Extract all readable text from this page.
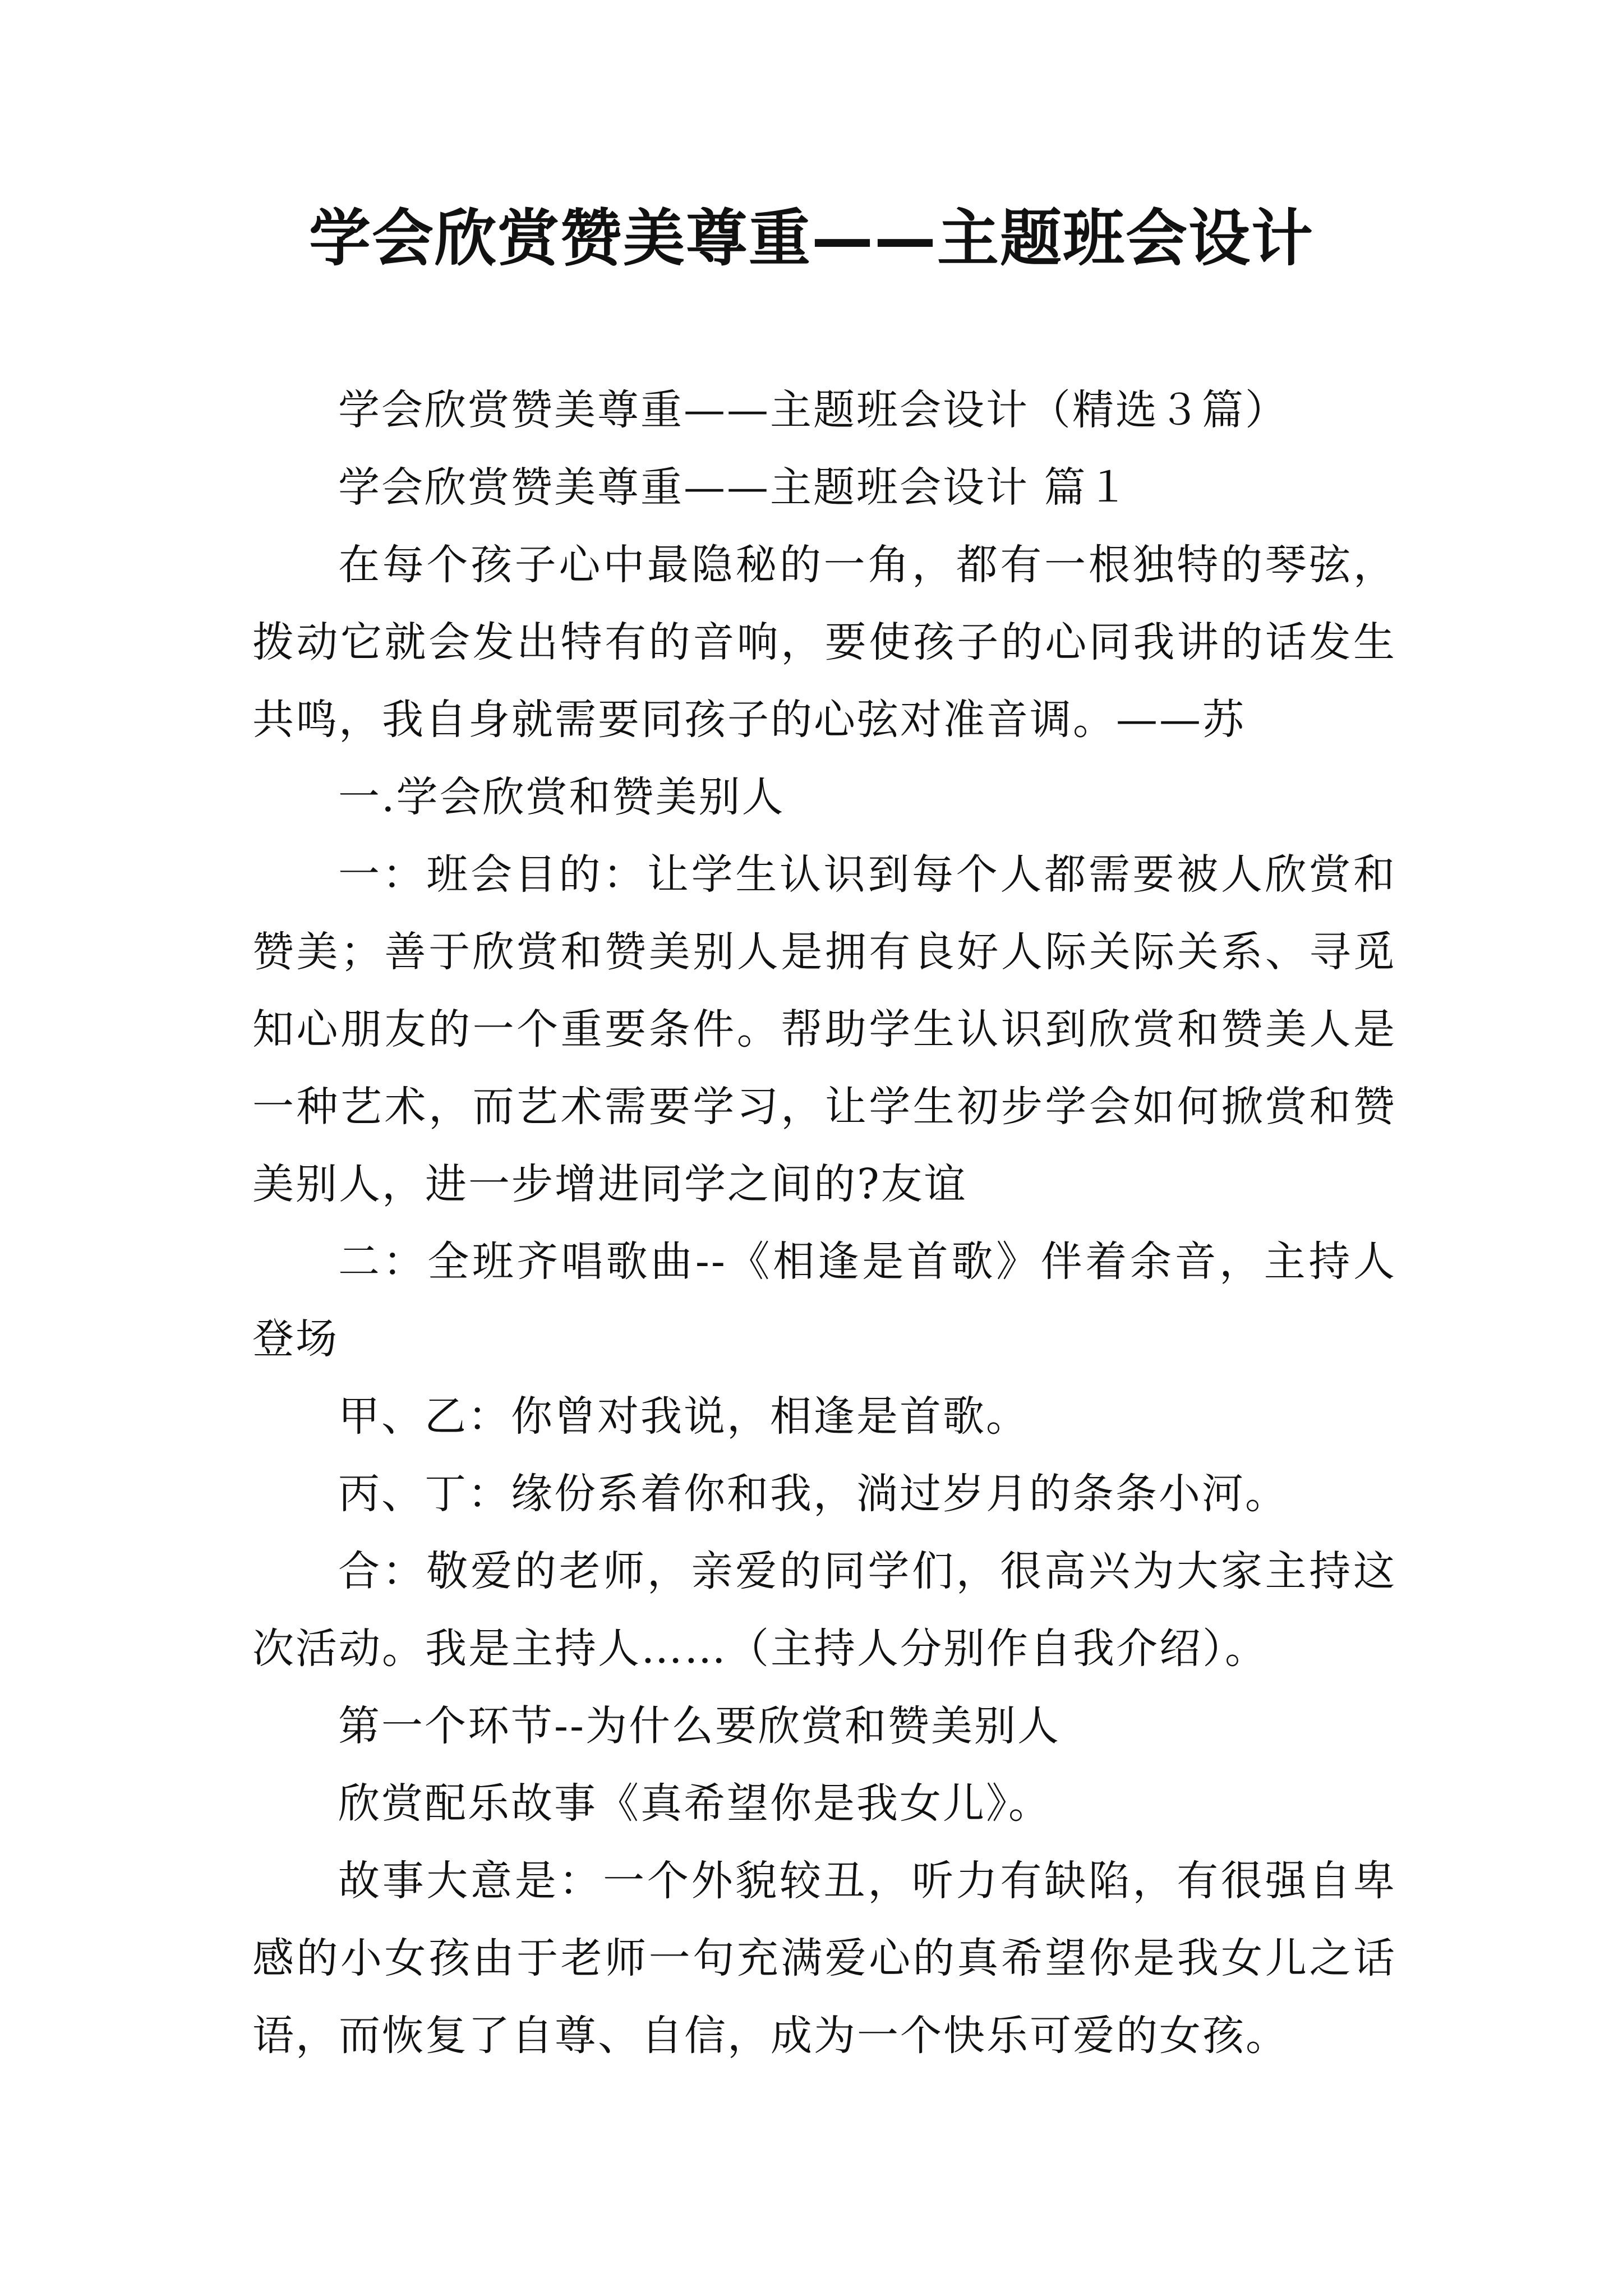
学会欣赏赞美尊重——主题班会设计

学会欣赏赞美尊重——主题班会设计（精选３篇）

学会欣赏赞美尊重——主题班会设计 篇１

在每个孩子心中最隐秘的一角，都有一根独特的琴弦，拨动它就会发出特有的音响，要使孩子的心同我讲的话发生共鸣，我自身就需要同孩子的心弦对准音调。——苏

一.学会欣赏和赞美别人

一：班会目的：让学生认识到每个人都需要被人欣赏和赞美；善于欣赏和赞美别人是拥有良好人际关际关系、寻觅知心朋友的一个重要条件。帮助学生认识到欣赏和赞美人是一种艺术，而艺术需要学习，让学生初步学会如何掀赏和赞美别人，进一步增进同学之间的?友谊

二：全班齐唱歌曲--《相逢是首歌》伴着余音，主持人登场

甲、乙：你曾对我说，相逢是首歌。

丙、丁：缘份系着你和我，淌过岁月的条条小河。

合：敬爱的老师，亲爱的同学们，很高兴为大家主持这次活动。我是主持人……（主持人分别作自我介绍）。

第一个环节--为什么要欣赏和赞美别人

欣赏配乐故事《真希望你是我女儿》。

故事大意是：一个外貌较丑，听力有缺陷，有很强自卑感的小女孩由于老师一句充满爱心的真希望你是我女儿之话语，而恢复了自尊、自信，成为一个快乐可爱的女孩。
